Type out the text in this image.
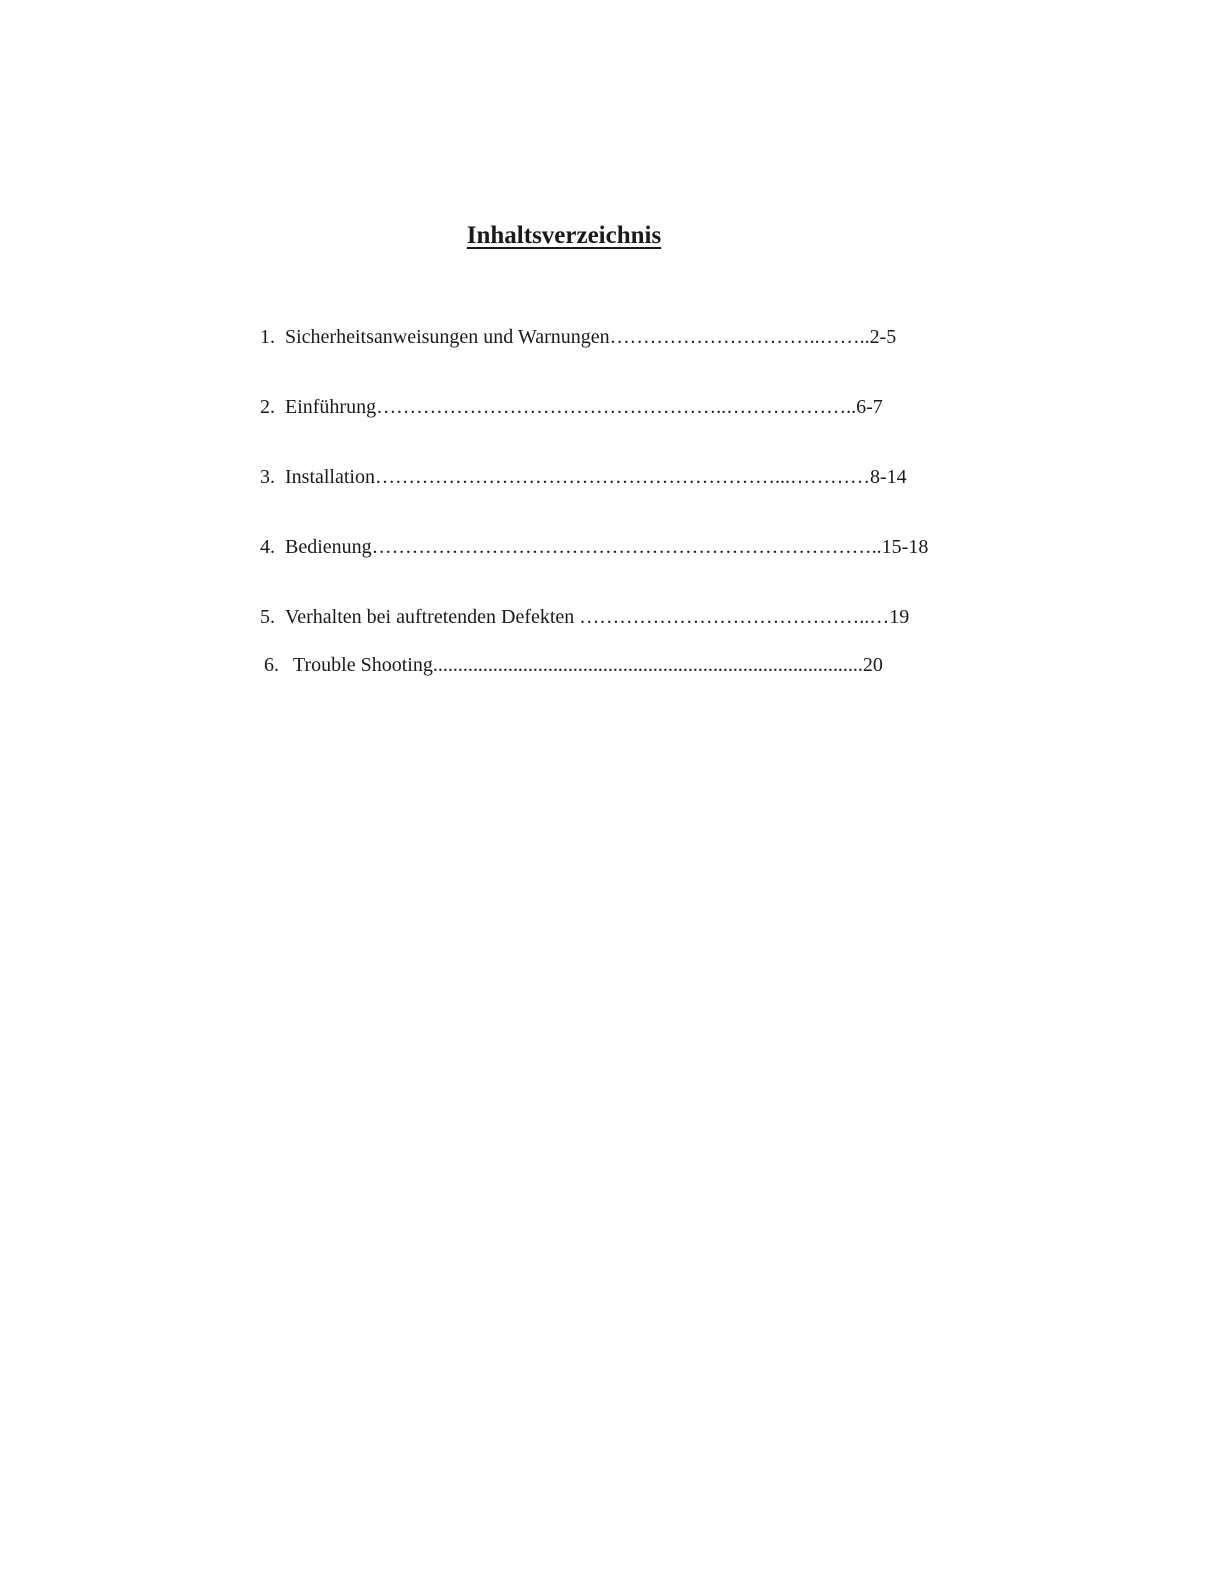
Inhaltsverzeichnis
1. Sicherheitsanweisungen und Warnungen…………………………..……..2-5
2. Einführung……………………………………………..………………..6-7
3. Installation……………………………………………………...…………8-14
4. Bedienung…………………………………………………………………..15-18
5. Verhalten bei auftretenden Defekten ……………………………………..…19
6. Trouble Shooting......................................................................................20
